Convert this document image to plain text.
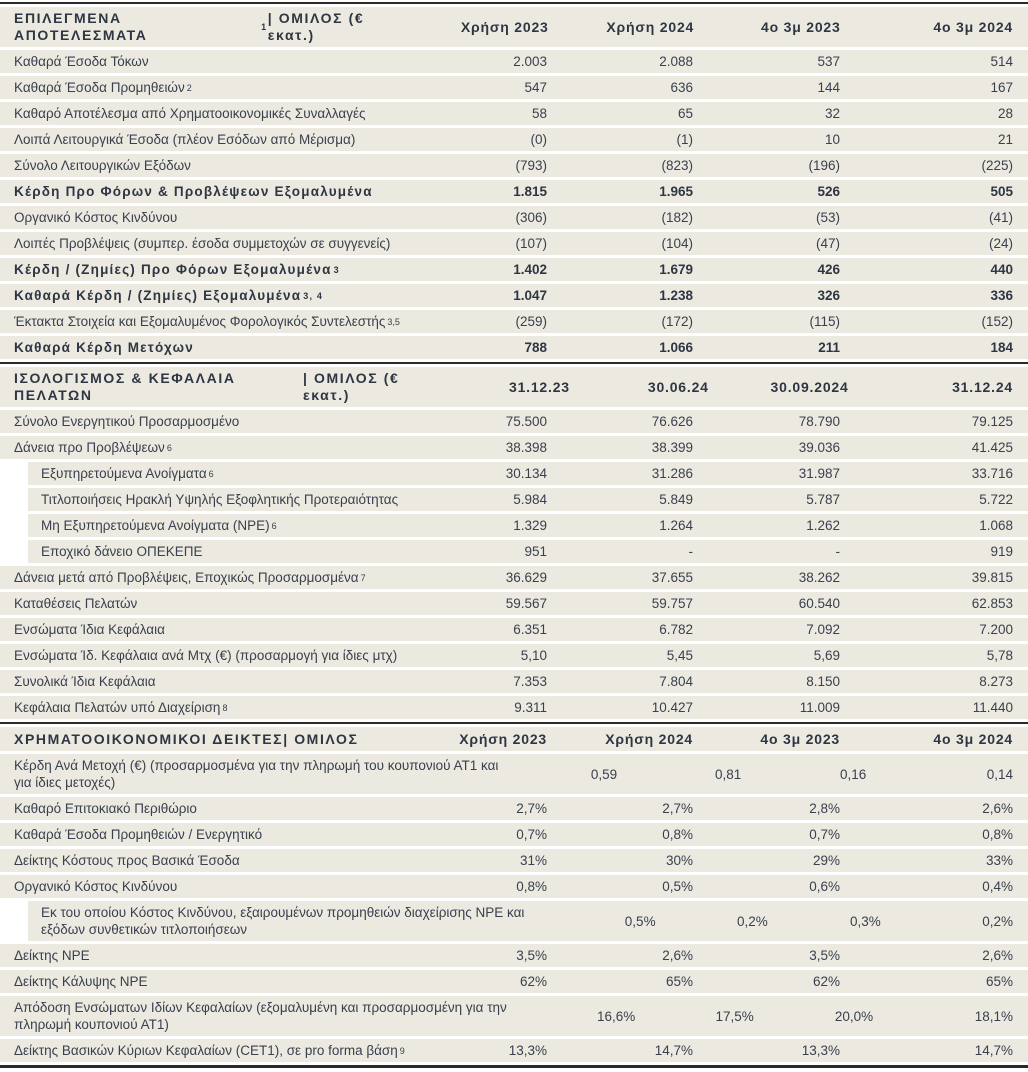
ΕΠΙΛΕΓΜΕΝΑ ΑΠΟΤΕΛΕΣΜΑΤΑ	1
| ΟΜΙΛΟΣ (€ εκατ.)
Χρήση 2023	Χρήση 2024	4ο 3μ 2023	4ο 3μ 2024
Καθαρά Έσοδα Τόκων	2.003	2.088	537	514
Καθαρά Έσοδα Προμηθειών 2	547	636	144	167
Καθαρό Αποτέλεσμα από Χρηματοοικονομικές Συναλλαγές	58	65	32	28
Λοιπά Λειτουργικά Έσοδα (πλέον Εσόδων από Μέρισμα)	(0)	(1)	10	21
Σύνολο Λειτουργικών Εξόδων	(793)	(823)	(196)	(225)
Κέρδη Προ Φόρων & Προβλέψεων Εξομαλυμένα	1.815	1.965	526	505
Οργανικό Κόστος Κινδύνου	(306)	(182)	(53)	(41)
Λοιπές Προβλέψεις (συμπερ. έσοδα συμμετοχών σε συγγενείς)	(107)	(104)	(47)	(24)
Κέρδη / (Ζημίες) Προ Φόρων Εξομαλυμένα 3	1.402	1.679	426	440
Καθαρά Κέρδη / (Ζημίες) Εξομαλυμένα 3, 4	1.047	1.238	326	336
Έκτακτα Στοιχεία και Εξομαλυμένος Φορολογικός Συντελεστής 3,5	(259)	(172)	(115)	(152)
Καθαρά Κέρδη Μετόχων	788	1.066	211	184
ΙΣΟΛΟΓΙΣΜΟΣ & ΚΕΦΑΛΑΙΑ ΠΕΛΑΤΩΝ
| ΟΜΙΛΟΣ (€ εκατ.)
31.12.23	30.06.24	30.09.2024	31.12.24
Σύνολο Ενεργητικού Προσαρμοσμένο	75.500	76.626	78.790	79.125
Δάνεια προ Προβλέψεων 6	38.398	38.399	39.036	41.425
Εξυπηρετούμενα Ανοίγματα 6	30.134	31.286	31.987	33.716
Τιτλοποιήσεις Ηρακλή Υψηλής Εξοφλητικής Προτεραιότητας	5.984	5.849	5.787	5.722
Μη Εξυπηρετούμενα Ανοίγματα (NPE) 6	1.329	1.264	1.262	1.068
Εποχικό δάνειο ΟΠΕΚΕΠΕ	951	-	-	919
Δάνεια μετά από Προβλέψεις, Εποχικώς Προσαρμοσμένα 7	36.629	37.655	38.262	39.815
Καταθέσεις Πελατών	59.567	59.757	60.540	62.853
Ενσώματα Ίδια Κεφάλαια	6.351	6.782	7.092	7.200
Ενσώματα Ίδ. Κεφάλαια ανά Μτχ (€) (προσαρμογή για ίδιες μτχ)	5,10	5,45	5,69	5,78
Συνολικά Ίδια Κεφάλαια	7.353	7.804	8.150	8.273
Κεφάλαια Πελατών υπό Διαχείριση 8	9.311	10.427	11.009	11.440
ΧΡΗΜΑΤΟΟΙΚΟΝΟΜΙΚΟΙ ΔΕΙΚΤΕΣ | ΟΜΙΛΟΣ	Χρήση 2023	Χρήση 2024	4ο 3μ 2023	4ο 3μ 2024
Κέρδη Ανά Μετοχή (€) (προσαρμοσμένα για την πληρωμή του κουπονιού ΑΤ1 και για ίδιες μετοχές)
0,59	0,81	0,16	0,14
Καθαρό Επιτοκιακό Περιθώριο	2,7%	2,7%	2,8%	2,6%
Καθαρά Έσοδα Προμηθειών / Ενεργητικό	0,7%	0,8%	0,7%	0,8%
Δείκτης Κόστους προς Βασικά Έσοδα	31%	30%	29%	33%
Οργανικό Κόστος Κινδύνου	0,8%	0,5%	0,6%	0,4%
Εκ του οποίου Κόστος Κινδύνου, εξαιρουμένων προμηθειών διαχείρισης NPE και εξόδων συνθετικών τιτλοποιήσεων
0,5%	0,2%	0,3%	0,2%
Δείκτης NPE	3,5%	2,6%	3,5%	2,6%
Δείκτης Κάλυψης NPE	62%	65%	62%	65%
Απόδοση Ενσώματων Ιδίων Κεφαλαίων (εξομαλυμένη και προσαρμοσμένη για την πληρωμή κουπονιού ΑΤ1)
16,6%	17,5%	20,0%	18,1%
Δείκτης Βασικών Κύριων Κεφαλαίων (CET1), σε pro forma βάση 9	13,3%	14,7%	13,3%	14,7%
